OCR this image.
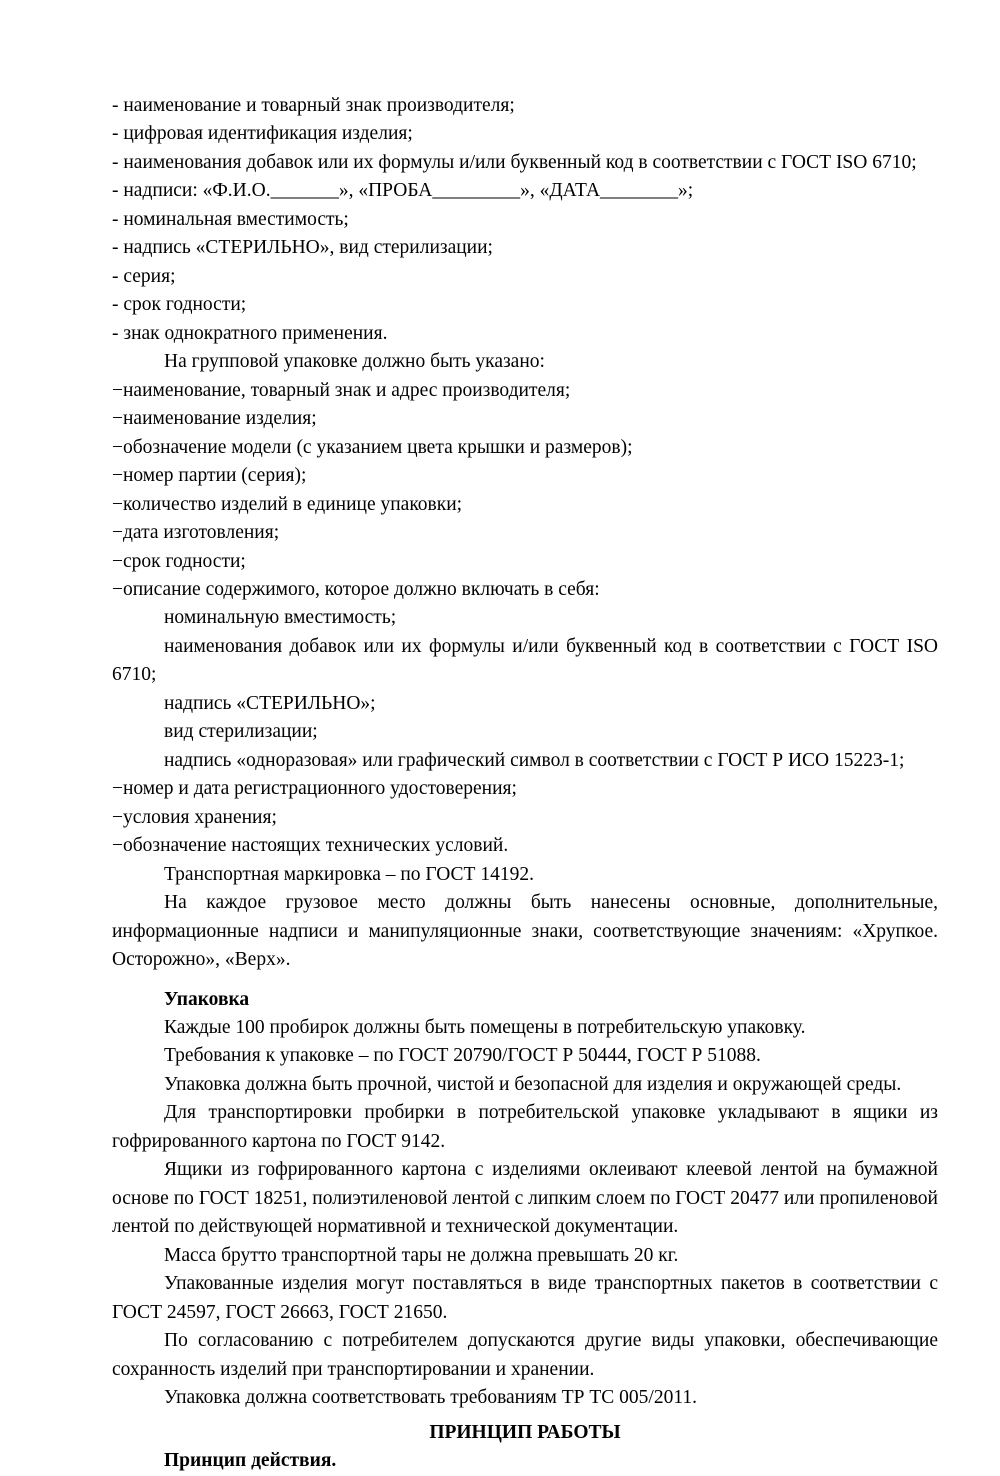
- наименование и товарный знак производителя;

- цифровая идентификация изделия;

- наименования добавок или их формулы и/или буквенный код в соответствии с ГОСТ ISO 6710;

- надписи: «Ф.И.О._______», «ПРОБА_________», «ДАТА________»;

- номинальная вместимость;

- надпись «СТЕРИЛЬНО», вид стерилизации;

- серия;

- срок годности;

- знак однократного применения.

На групповой упаковке должно быть указано:

−наименование, товарный знак и адрес производителя;

−наименование изделия;

−обозначение модели (с указанием цвета крышки и размеров);

−номер партии (серия);

−количество изделий в единице упаковки;

−дата изготовления;

−срок годности;

−описание содержимого, которое должно включать в себя:

номинальную вместимость;

наименования добавок или их формулы и/или буквенный код в соответствии с ГОСТ ISO 6710;

надпись «СТЕРИЛЬНО»;

вид стерилизации;

надпись «одноразовая» или графический символ в соответствии с ГОСТ Р ИСО 15223-1;

−номер и дата регистрационного удостоверения;

−условия хранения;

−обозначение настоящих технических условий.

Транспортная маркировка – по ГОСТ 14192.

На каждое грузовое место должны быть нанесены основные, дополнительные, информационные надписи и манипуляционные знаки, соответствующие значениям: «Хрупкое. Осторожно», «Верх».

Упаковка

Каждые 100 пробирок должны быть помещены в потребительскую упаковку.

Требования к упаковке – по ГОСТ 20790/ГОСТ Р 50444, ГОСТ Р 51088.

Упаковка должна быть прочной, чистой и безопасной для изделия и окружающей среды.

Для транспортировки пробирки в потребительской упаковке укладывают в ящики из гофрированного картона по ГОСТ 9142.

Ящики из гофрированного картона с изделиями оклеивают клеевой лентой на бумажной основе по ГОСТ 18251, полиэтиленовой лентой с липким слоем по ГОСТ 20477 или пропиленовой лентой по действующей нормативной и технической документации.

Масса брутто транспортной тары не должна превышать 20 кг.

Упакованные изделия могут поставляться в виде транспортных пакетов в соответствии с ГОСТ 24597, ГОСТ 26663, ГОСТ 21650.

По согласованию с потребителем допускаются другие виды упаковки, обеспечивающие сохранность изделий при транспортировании и хранении.

Упаковка должна соответствовать требованиям ТР ТС 005/2011.

ПРИНЦИП РАБОТЫ

Принцип действия.
